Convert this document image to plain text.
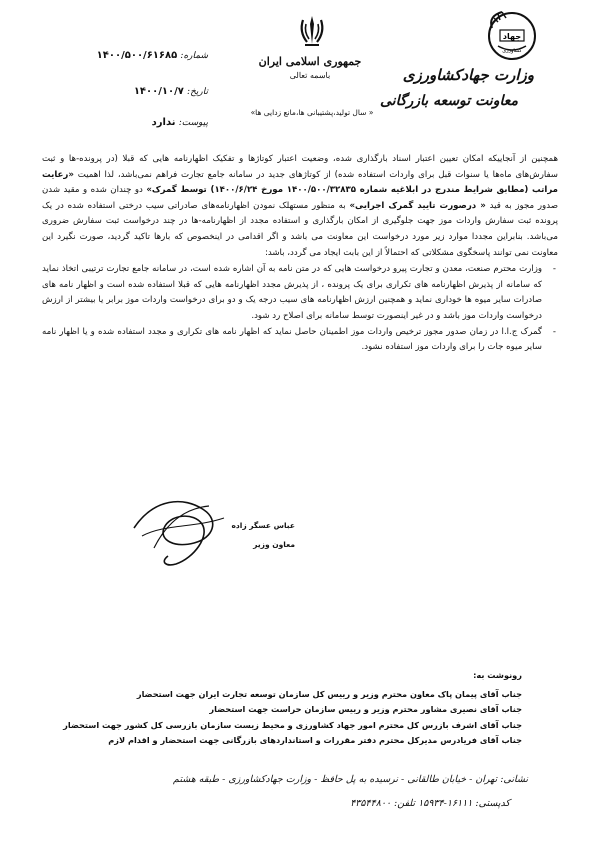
جهاد
کشاورزی
وزارت جهادکشاورزی
معاونت توسعه بازرگانی
جمهوری اسلامی ایران
باسمه تعالی
« سال تولید،پشتیبانی ها،مانع زدایی ها»
شماره: ۱۴۰۰/۵۰۰/۶۱۶۸۵
تاریخ: ۱۴۰۰/۱۰/۷
پیوست: ندارد

همچنین از آنجاییکه امکان تعیین اعتبار اسناد بارگذاری شده، وضعیت اعتبار کوتاژها و تفکیک اظهارنامه هایی که قبلا (در پرونده-ها و ثبت سفارش‌های ماه‌ها یا سنوات قبل برای واردات استفاده شده) از کوتاژهای جدید در سامانه جامع تجارت فراهم نمی‌باشد، لذا اهمیت «رعایت مراتب (مطابق شرایط مندرج در ابلاغیه شماره ۱۴۰۰/۵۰۰/۳۲۸۳۵ مورخ ۱۴۰۰/۶/۲۴) توسط گمرک» دو چندان شده و مقید شدن صدور مجوز به قید « درصورت تایید گمرک اجرایی» به منظور مستهلک نمودن اظهارنامه‌های صادراتی سیب درختی استفاده شده در یک پرونده ثبت سفارش واردات موز جهت جلوگیری از امکان بارگذاری و استفاده مجدد از اظهارنامه-ها در چند درخواست ثبت سفارش ضروری می‌باشد. بنابراین مجددا موارد زیر مورد درخواست این معاونت می باشد و اگر اقدامی در اینخصوص که بارها تاکید گردید، صورت نگیرد این معاونت نمی توانند پاسخگوی مشکلاتی که احتمالاً از این بابت ایجاد می گردد، باشد:

- وزارت محترم صنعت، معدن و تجارت پیرو درخواست هایی که در متن نامه به آن اشاره شده است، در سامانه جامع تجارت ترتیبی اتخاذ نماید که سامانه از پذیرش اظهارنامه های تکراری برای یک پرونده ، از پذیرش مجدد اظهارنامه هایی که قبلا استفاده شده است و اظهار نامه های صادرات سایر میوه ها خوداری نماید و همچنین ارزش اظهارنامه های سیب درجه یک و دو برای درخواست واردات موز برابر یا بیشتر از ارزش درخواست واردات موز باشد و در غیر اینصورت توسط سامانه برای اصلاح رد شود.
- گمرک ج.ا.ا در زمان صدور مجوز ترخیص واردات موز اطمینان حاصل نماید که اظهار نامه های تکراری و مجدد استفاده شده و یا اظهار نامه سایر میوه جات را برای واردات موز استفاده نشود.
عباس عسگر زاده
معاون وزیر
رونوشت به:
جناب آقای پیمان پاک معاون محترم وزیر و رییس کل سازمان توسعه تجارت ایران جهت استحضار
جناب آقای نصیری مشاور محترم وزیر و رییس سازمان حراست جهت استحضار
جناب آقای اشرف بازرس کل محترم امور جهاد کشاورزی و محیط زیست سازمان بازرسی کل کشور جهت استحضار
جناب آقای فریادرس مدیرکل محترم دفتر مقررات و استانداردهای بازرگانی جهت استحضار و اقدام لازم
نشانی: تهران - خیابان طالقانی - نرسیده به پل حافظ - وزارت جهادکشاورزی - طبقه هشتم
کدپستی: ۱۶۱۱۱-۱۵۹۳۴ تلفن: ۴۳۵۴۴۸۰۰
